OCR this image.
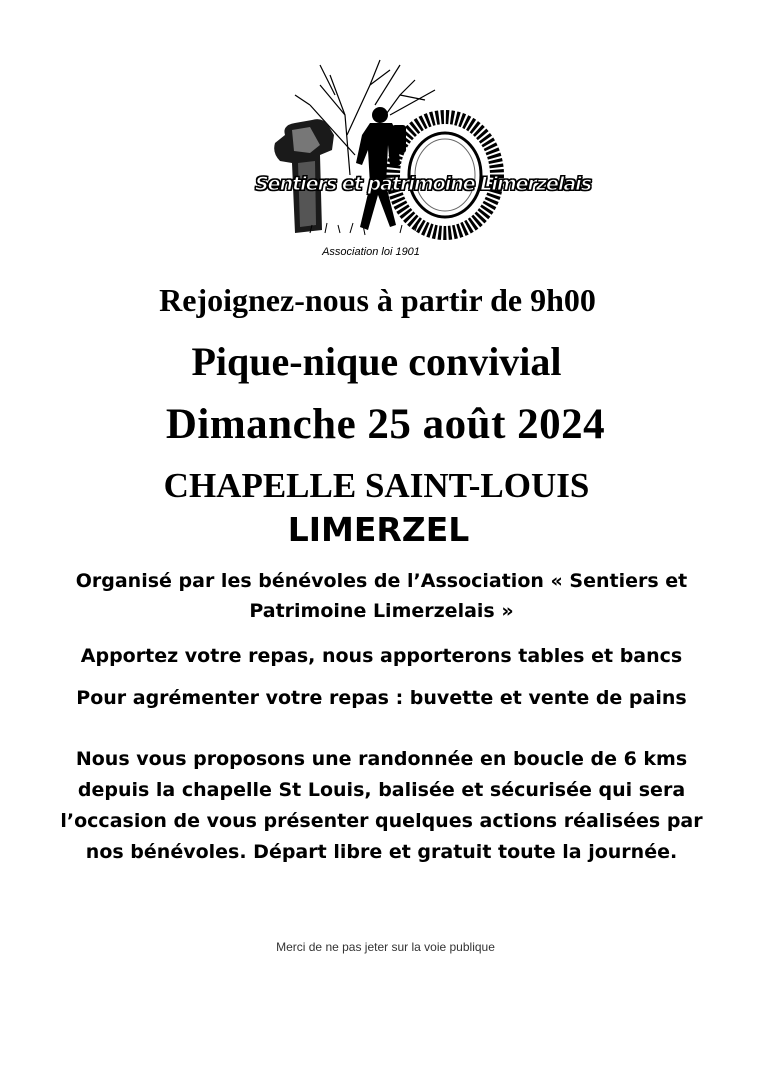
Sentiers et patrimoine Limerzelais
Association loi 1901
Rejoignez-nous à partir de 9h00
Pique-nique convivial
Dimanche 25 août 2024
CHAPELLE SAINT-LOUIS
LIMERZEL
Organisé par les bénévoles de l’Association « Sentiers et
Patrimoine Limerzelais »
Apportez votre repas, nous apporterons tables et bancs
Pour agrémenter votre repas : buvette et vente de pains
Nous vous proposons une randonnée en boucle de 6 kms
depuis la chapelle St Louis, balisée et sécurisée qui sera
l’occasion de vous présenter quelques actions réalisées par
nos bénévoles. Départ libre et gratuit toute la journée.
Merci de ne pas jeter sur la voie publique
